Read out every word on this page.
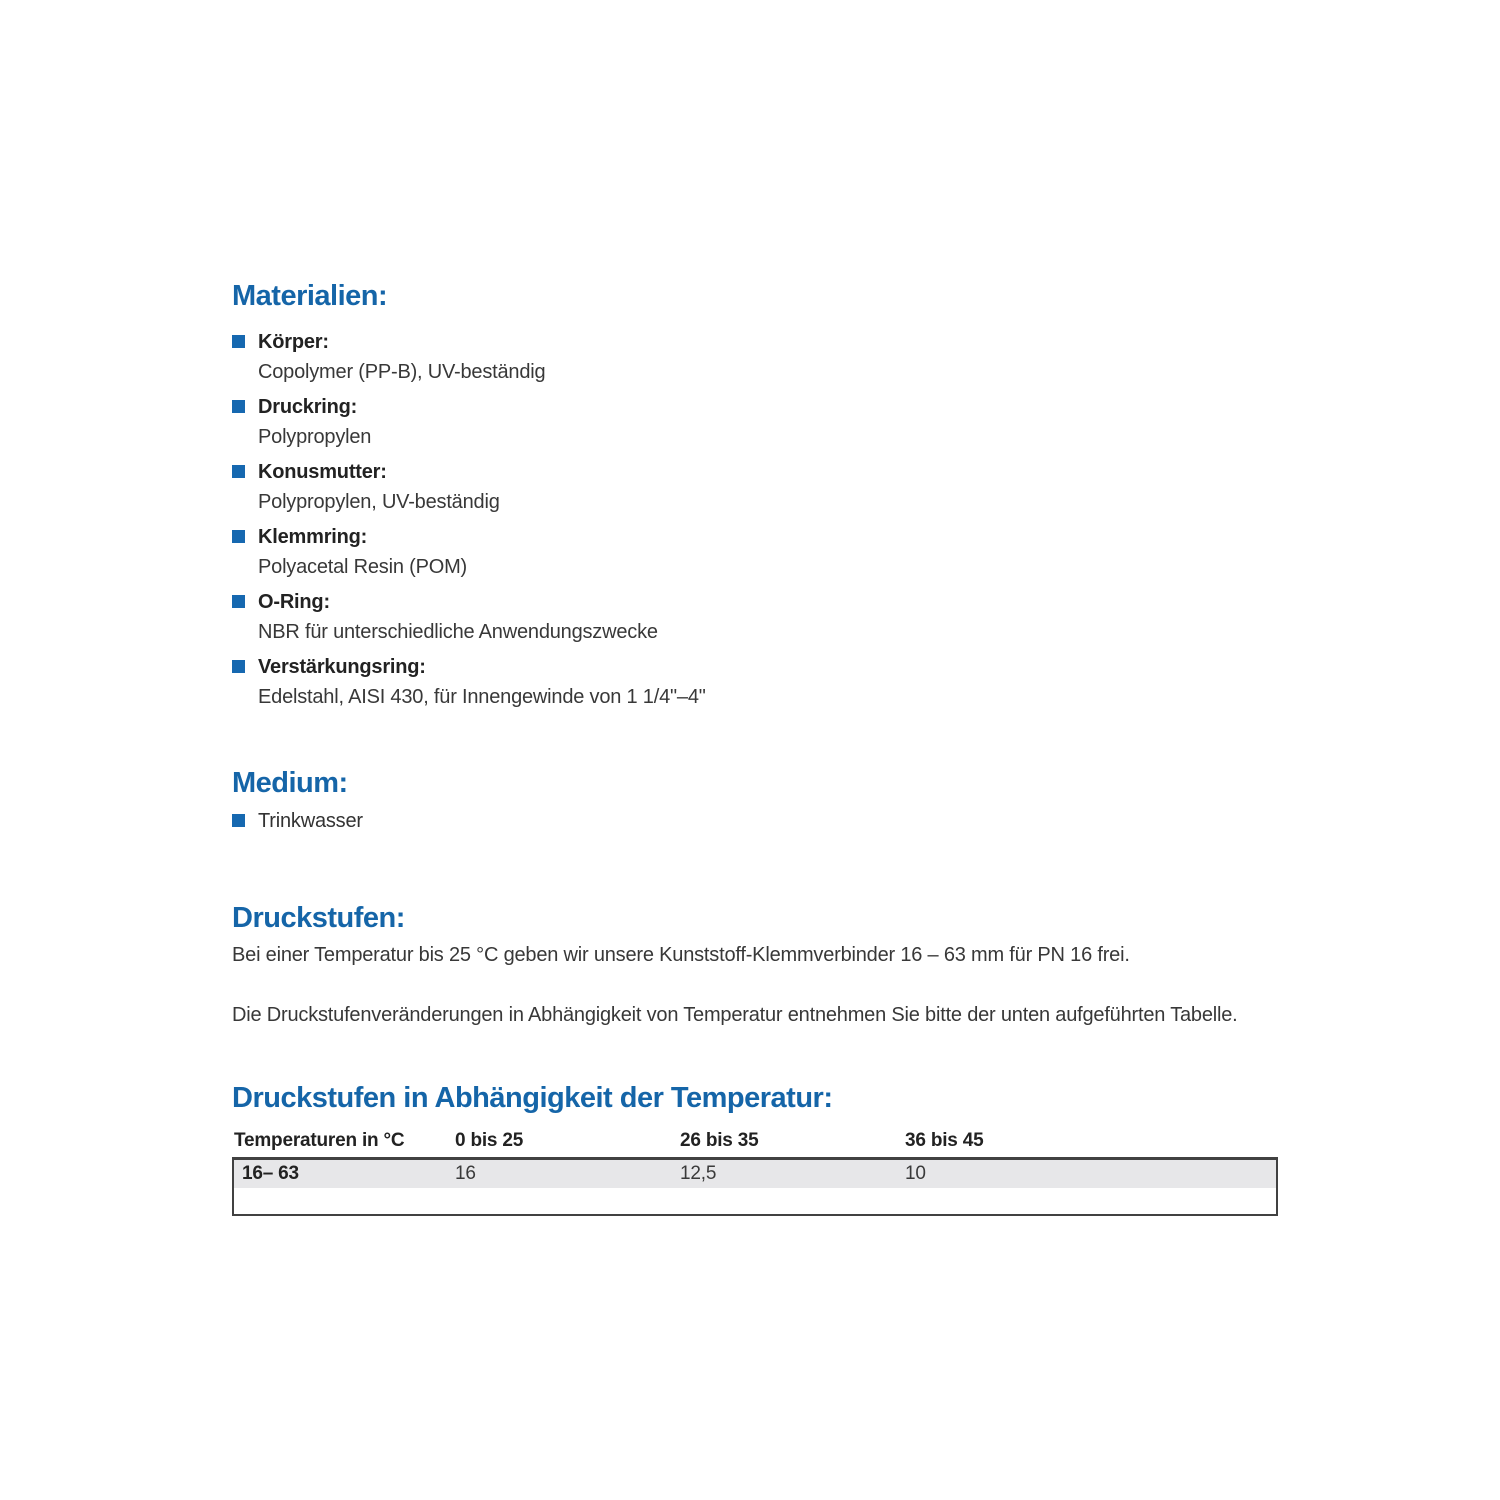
Materialien:
Körper:
Copolymer (PP-B), UV-beständig
Druckring:
Polypropylen
Konusmutter:
Polypropylen, UV-beständig
Klemmring:
Polyacetal Resin (POM)
O-Ring:
NBR für unterschiedliche Anwendungszwecke
Verstärkungsring:
Edelstahl, AISI 430, für Innengewinde von 1 1/4"–4"
Medium:
Trinkwasser
Druckstufen:
Bei einer Temperatur bis 25 °C geben wir unsere Kunststoff-Klemmverbinder 16 – 63 mm für PN 16 frei.
Die Druckstufenveränderungen in Abhängigkeit von Temperatur entnehmen Sie bitte der unten aufgeführten Tabelle.
Druckstufen in Abhängigkeit der Temperatur:
Temperaturen in °C	0 bis 25	26 bis 35	36 bis 45
16– 63	16	12,5	10
